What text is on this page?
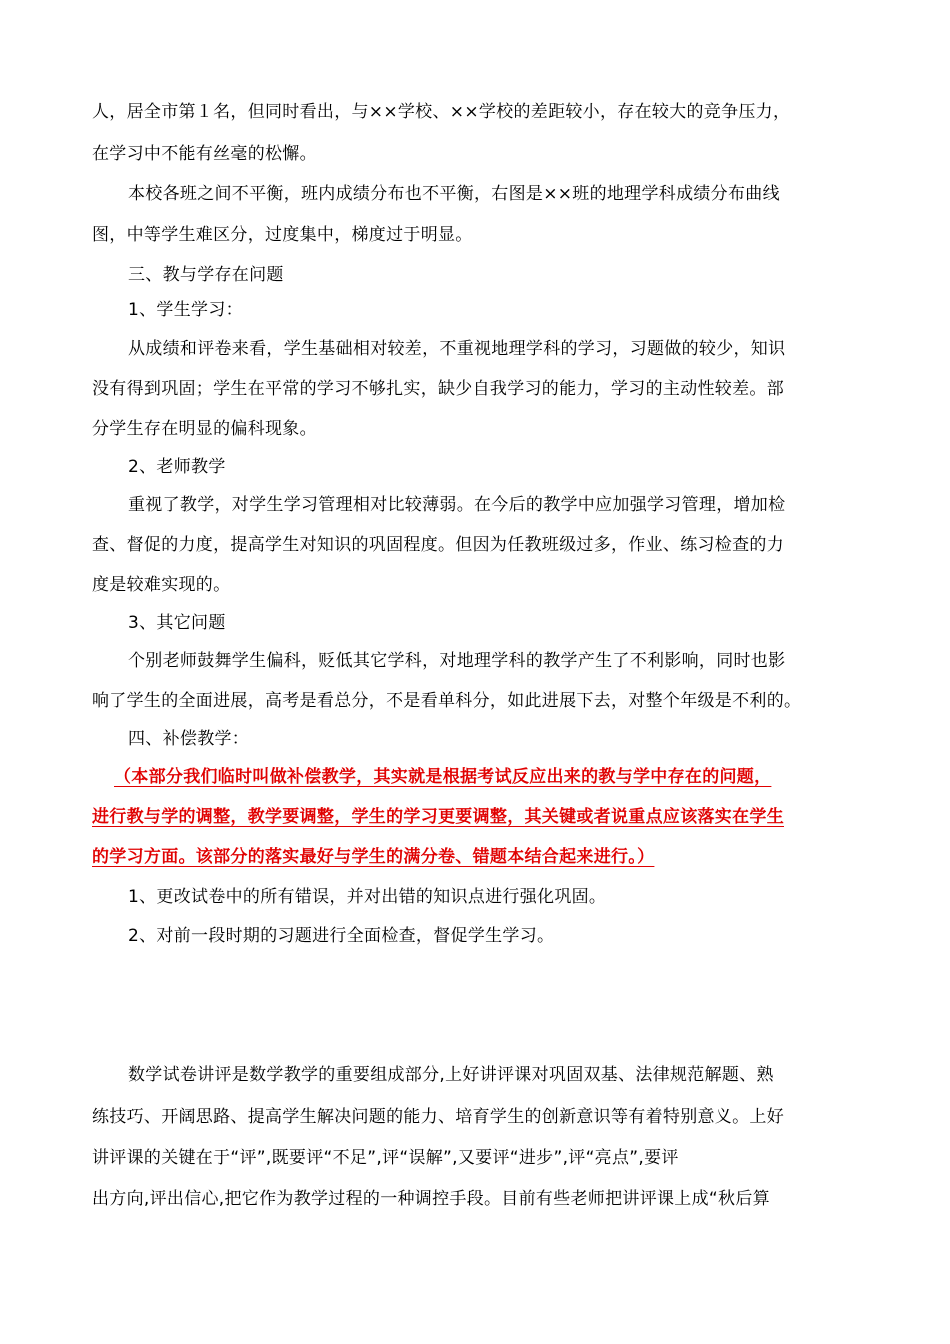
人，居全市第１名，但同时看出，与××学校、××学校的差距较小，存在较大的竞争压力，
在学习中不能有丝毫的松懈。
本校各班之间不平衡，班内成绩分布也不平衡，右图是××班的地理学科成绩分布曲线
图，中等学生难区分，过度集中，梯度过于明显。
三、教与学存在问题
1、学生学习：
从成绩和评卷来看，学生基础相对较差，不重视地理学科的学习，习题做的较少，知识
没有得到巩固；学生在平常的学习不够扎实，缺少自我学习的能力，学习的主动性较差。部
分学生存在明显的偏科现象。
2、老师教学
重视了教学，对学生学习管理相对比较薄弱。在今后的教学中应加强学习管理，增加检
查、督促的力度，提高学生对知识的巩固程度。但因为任教班级过多，作业、练习检查的力
度是较难实现的。
3、其它问题
个别老师鼓舞学生偏科，贬低其它学科，对地理学科的教学产生了不利影响，同时也影
响了学生的全面进展，高考是看总分，不是看单科分，如此进展下去，对整个年级是不利的。
四、补偿教学：
（本部分我们临时叫做补偿教学，其实就是根据考试反应出来的教与学中存在的问题，
进行教与学的调整，教学要调整，学生的学习更要调整，其关键或者说重点应该落实在学生
的学习方面。该部分的落实最好与学生的满分卷、错题本结合起来进行。）
1、更改试卷中的所有错误，并对出错的知识点进行强化巩固。
2、对前一段时期的习题进行全面检查，督促学生学习。
数学试卷讲评是数学教学的重要组成部分,上好讲评课对巩固双基、法律规范解题、熟
练技巧、开阔思路、提高学生解决问题的能力、培育学生的创新意识等有着特别意义。上好
讲评课的关键在于“评”,既要评“不足”,评“误解”,又要评“进步”,评“亮点”,要评
出方向,评出信心,把它作为教学过程的一种调控手段。目前有些老师把讲评课上成“秋后算
